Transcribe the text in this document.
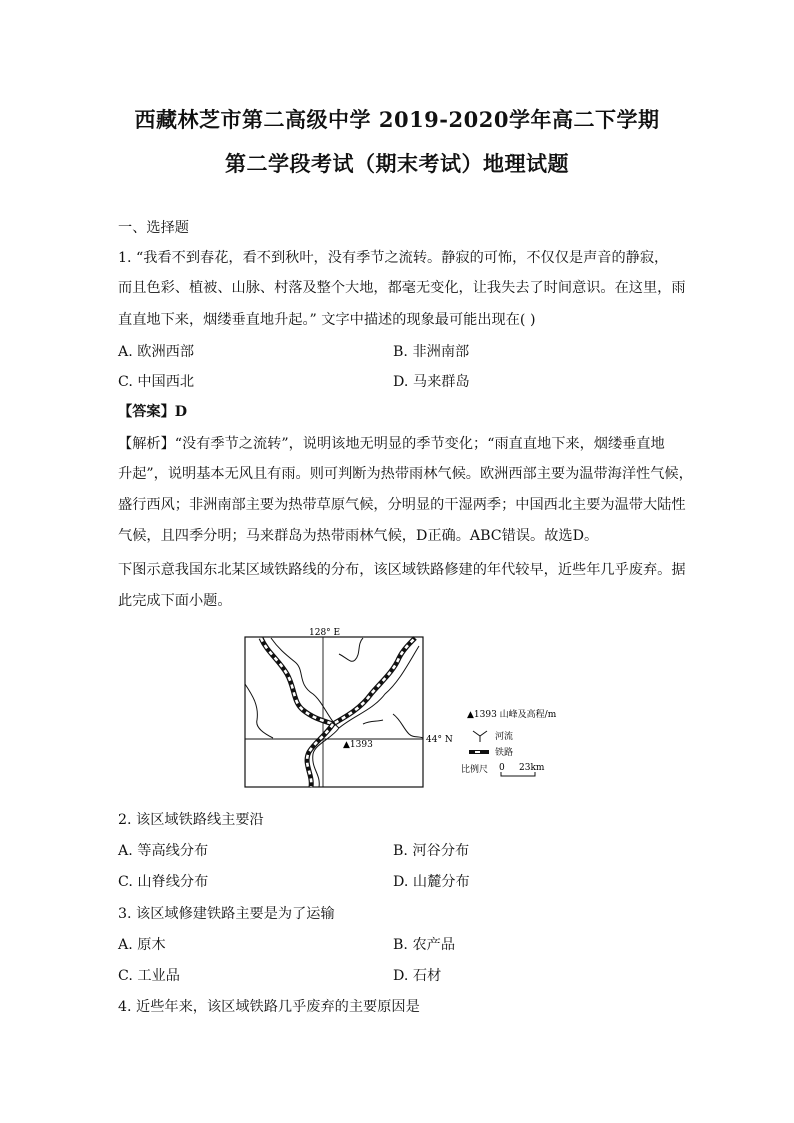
西藏林芝市第二高级中学 2019-2020学年高二下学期
第二学段考试（期末考试）地理试题
一、选择题
1. “我看不到春花，看不到秋叶，没有季节之流转。静寂的可怖，不仅仅是声音的静寂，
而且色彩、植被、山脉、村落及整个大地，都毫无变化，让我失去了时间意识。在这里，雨
直直地下来，烟缕垂直地升起。” 文字中描述的现象最可能出现在( )
A. 欧洲西部	B. 非洲南部
C. 中国西北	D. 马来群岛
【答案】D
【解析】“没有季节之流转”，说明该地无明显的季节变化；“雨直直地下来，烟缕垂直地
升起”，说明基本无风且有雨。则可判断为热带雨林气候。欧洲西部主要为温带海洋性气候，
盛行西风；非洲南部主要为热带草原气候，分明显的干湿两季；中国西北主要为温带大陆性
气候，且四季分明；马来群岛为热带雨林气候，D正确。ABC错误。故选D。
下图示意我国东北某区域铁路线的分布，该区域铁路修建的年代较早，近些年几乎废弃。据
此完成下面小题。
128° E
44° N
▲1393
▲1393 山峰及高程/m
河流
铁路
比例尺 0 23km
2. 该区域铁路线主要沿
A. 等高线分布	B. 河谷分布
C. 山脊线分布	D. 山麓分布
3. 该区域修建铁路主要是为了运输
A. 原木	B. 农产品
C. 工业品	D. 石材
4. 近些年来，该区域铁路几乎废弃的主要原因是
